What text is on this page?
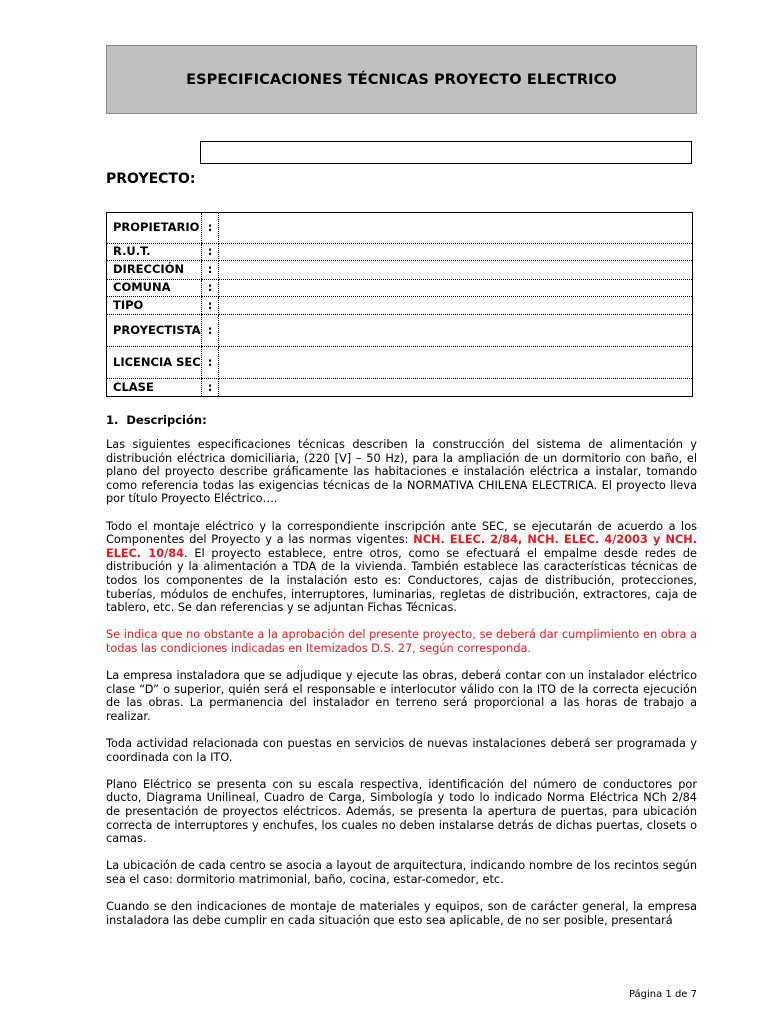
ESPECIFICACIONES TÉCNICAS PROYECTO ELECTRICO
PROYECTO:
PROPIETARIO	:	
R.U.T.	:	
DIRECCIÓN	:	
COMUNA	:	
TIPO	:	
PROYECTISTA	:	
LICENCIA SEC	:	
CLASE	:	
1.  Descripción:

Las siguientes especificaciones técnicas describen la construcción del sistema de alimentación y distribución eléctrica domiciliaria, (220 [V] – 50 Hz), para la ampliación de un dormitorio con baño, el plano del proyecto describe gráficamente las habitaciones e instalación eléctrica a instalar, tomando como referencia todas las exigencias técnicas de la NORMATIVA CHILENA ELECTRICA. El proyecto lleva por título Proyecto Eléctrico….

Todo el montaje eléctrico y la correspondiente inscripción ante SEC, se ejecutarán de acuerdo a los Componentes del Proyecto y a las normas vigentes: NCH. ELEC. 2/84, NCH. ELEC. 4/2003 y NCH. ELEC. 10/84. El proyecto establece, entre otros, como se efectuará el empalme desde redes de distribución y la alimentación a TDA de la vivienda. También establece las características técnicas de todos los componentes de la instalación esto es: Conductores, cajas de distribución, protecciones, tuberías, módulos de enchufes, interruptores, luminarias, regletas de distribución, extractores, caja de tablero, etc. Se dan referencias y se adjuntan Fichas Técnicas.

Se indica que no obstante a la aprobación del presente proyecto, se deberá dar cumplimiento en obra a todas las condiciones indicadas en Itemizados D.S. 27, según corresponda.

La empresa instaladora que se adjudique y ejecute las obras, deberá contar con un instalador eléctrico clase “D” o superior, quién será el responsable e interlocutor válido con la ITO de la correcta ejecución de las obras. La permanencia del instalador en terreno será proporcional a las horas de trabajo a realizar.

Toda actividad relacionada con puestas en servicios de nuevas instalaciones deberá ser programada y coordinada con la ITO.

Plano Eléctrico se presenta con su escala respectiva, identificación del número de conductores por ducto, Diagrama Unilineal, Cuadro de Carga, Simbología y todo lo indicado Norma Eléctrica NCh 2/84 de presentación de proyectos eléctricos. Además, se presenta la apertura de puertas, para ubicación correcta de interruptores y enchufes, los cuales no deben instalarse detrás de dichas puertas, closets o camas.

La ubicación de cada centro se asocia a layout de arquitectura, indicando nombre de los recintos según sea el caso: dormitorio matrimonial, baño, cocina, estar-comedor, etc.

Cuando se den indicaciones de montaje de materiales y equipos, son de carácter general, la empresa instaladora las debe cumplir en cada situación que esto sea aplicable, de no ser posible, presentará

Página 1 de 7
